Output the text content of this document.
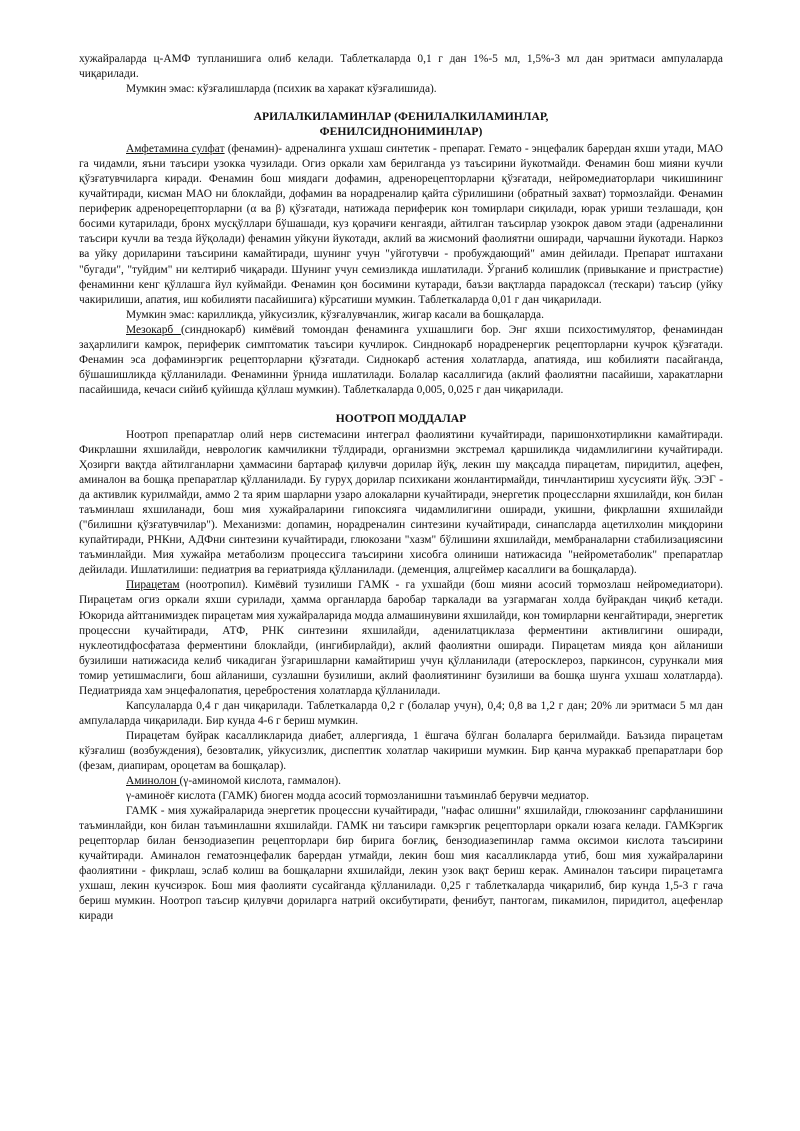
хужайраларда ц-АМФ тупланишига олиб келади. Таблеткаларда 0,1 г дан 1%-5 мл, 1,5%-3 мл дан эритмаси ампулаларда чиқарилади.

Мумкин эмас: кўзғалишларда (психик ва харакат кўзғалишида).

АРИЛАЛКИЛАМИНЛАР (ФЕНИЛАЛКИЛАМИНЛАР,
ФЕНИЛСИДНОНИМИНЛАР)

Амфетамина сулфат (фенамин)- адреналинга ухшаш синтетик - препарат. Гемато - энцефалик барердан яхши утади, МАО га чидамли, яъни таъсири узокка чузилади. Огиз оркали хам берилганда уз таъсирини йукотмайди. Фенамин бош мияни кучли қўзғатувчиларга киради. Фенамин бош миядаги дофамин, адренорецепторларни қўзғатади, нейромедиаторлари чикишининг кучайтиради, кисман МАО ни блоклайди, дофамин ва норадреналир қайта сўрилишини (обратный захват) тормозлайди. Фенамин периферик адренорецепторларни (α ва β) қўзғатади, натижада периферик кон томирлари сиқилади, юрак уриши тезлашади, қон босими кутарилади, бронх мусқўллари бўшашади, куз қорачиғи кенгаяди, айтилган таъсирлар узокрок давом этади (адреналинни таъсири кучли ва тезда йўқолади) фенамин уйкуни йукотади, аклий ва жисмоний фаолиятни оширади, чарчашни йукотади. Наркоз ва уйку дориларини таъсирини камайтиради, шунинг учун "уйготувчи - пробуждающий" амин дейилади. Препарат иштахани "бугади", "туйдим" ни келтириб чиқаради. Шунинг учун семизликда ишлатилади. Ўрганиб колишлик (привыкание и пристрастие) фенаминни кенг қўллашга йул куймайди. Фенамин қон босимини кутаради, баъзи вақтларда парадоксал (тескари) таъсир (уйку чакирилиши, апатия, иш кобилияти пасайишига) кўрсатиши мумкин. Таблеткаларда 0,01 г дан чиқарилади.

Мумкин эмас: карилликда, уйкусизлик, кўзғалувчанлик, жигар касали ва бошқаларда.

Мезокарб (синднокарб) кимёвий томондан фенаминга ухшашлиги бор. Энг яхши психостимулятор, фенаминдан заҳарлилиги камрок, периферик симптоматик таъсири кучлирок. Синднокарб норадренергик рецепторларни кучрок қўзғатади. Фенамин эса дофаминэргик рецепторларни қўзғатади. Сиднокарб астения холатларда, апатияда, иш кобилияти пасайганда, бўшашишликда қўлланилади. Фенаминни ўрнида ишлатилади. Болалар касаллигида (аклий фаолиятни пасайиши, харакатларни пасайишида, кечаси сийиб қуйишда қўллаш мумкин). Таблеткаларда 0,005, 0,025 г дан чиқарилади.

НООТРОП МОДДАЛАР

Ноотроп препаратлар олий нерв системасини интеграл фаолиятини кучайтиради, паришонхотирликни камайтиради. Фикрлашни яхшилайди, неврологик камчиликни тўлдиради, организмни экстремал қаршиликда чидамлилигини кучайтиради. Ҳозирги вақтда айтилганларни ҳаммасини бартараф қилувчи дорилар йўқ, лекин шу мақсадда пирацетам, пиридитил, ацефен, аминалон ва бошқа препаратлар қўлланилади. Бу гуруҳ дорилар психикани жонлантирмайди, тинчлантириш хусусияти йўқ. ЭЭГ - да активлик курилмайди, аммо 2 та ярим шарларни узаро алокаларни кучайтиради, энергетик процессларни яхшилайди, кон билан таъминлаш яхшиланади, бош мия хужайраларини гипоксияга чидамлилигини оширади, укишни, фикрлашни яхшилайди ("билишни қўзғатувчилар"). Механизми: допамин, норадреналин синтезини кучайтиради, синапсларда ацетилхолин миқдорини купайтиради, РНКни, АДФни синтезини кучайтиради, глюкозани "хазм" бўлишини яхшилайди, мембраналарни стабилизациясини таъминлайди. Мия хужайра метаболизм процессига таъсирини хисобга олиниши натижасида "нейрометаболик" препаратлар дейилади. Ишлатилиши: педиатрия ва гериатрияда қўлланилади. (деменция, алцгеймер касаллиги ва бошқаларда).

Пирацетам (ноотропил). Кимёвий тузилиши ГАМК - га ухшайди (бош мияни асосий тормозлаш нейромедиатори). Пирацетам огиз оркали яхши сурилади, ҳамма органларда баробар таркалади ва узгармаган холда буйракдан чиқиб кетади. Юкорида айтганимиздек пирацетам мия хужайраларида модда алмашинувини яхшилайди, кон томирларни кенгайтиради, энергетик процессни кучайтиради, АТФ, РНК синтезини яхшилайди, аденилатциклаза ферментини активлигини оширади, нуклеотидфосфатаза ферментини блоклайди, (ингибирлайди), аклий фаолиятни оширади. Пирацетам мияда қон айланиши бузилиши натижасида келиб чикадиган ўзгаришларни камайтириш учун қўлланилади (атеросклероз, паркинсон, сурункали мия томир уетишмаслиги, бош айланиши, сузлашни бузилиши, аклий фаолиятининг бузилиши ва бошқа шунга ухшаш холатларда). Педиатрияда хам энцефалопатия, церебростения холатларда қўлланилади.

Капсулаларда 0,4 г дан чиқарилади. Таблеткаларда 0,2 г (болалар учун), 0,4; 0,8 ва 1,2 г дан; 20% ли эритмаси 5 мл дан ампулаларда чиқарилади. Бир кунда 4-6 г бериш мумкин.

Пирацетам буйрак касалликларида диабет, аллергияда, 1 ёшгача бўлган болаларга берилмайди. Баъзида пирацетам кўзғалиш (возбуждения), безовталик, уйкусизлик, диспептик холатлар чакириши мумкин. Бир қанча мураккаб препаратлари бор (фезам, диапирам, ороцетам ва бошқалар).

Аминолон (γ-аминомой кислота, гаммалон).

γ-аминоёғ кислота (ГАМК) биоген модда асосий тормозланишни таъминлаб берувчи медиатор.

ГАМК - мия хужайраларида энергетик процессни кучайтиради, "нафас олишни" яхшилайди, глюкозанинг сарфланишини таъминлайди, кон билан таъминлашни яхшилайди. ГАМК ни таъсири гамкэргик рецепторлари оркали юзага келади. ГАМКэргик рецепторлар билан бензодиазепин рецепторлари бир бирига боғлиқ, бензодиазепинлар гамма оксимои кислота таъсирини кучайтиради. Аминалон гематоэнцефалик барердан утмайди, лекин бош мия касалликларда утиб, бош мия хужайраларини фаолиятини - фикрлаш, эслаб колиш ва бошқаларни яхшилайди, лекин узок вақт бериш керак. Аминалон таъсири пирацетамга ухшаш, лекин кучсизрок. Бош мия фаолияти сусайганда қўлланилади. 0,25 г таблеткаларда чиқарилиб, бир кунда 1,5-3 г гача бериш мумкин. Ноотроп таъсир қилувчи дориларга натрий оксибутирати, фенибут, пантогам, пикамилон, пиридитол, ацефенлар киради
